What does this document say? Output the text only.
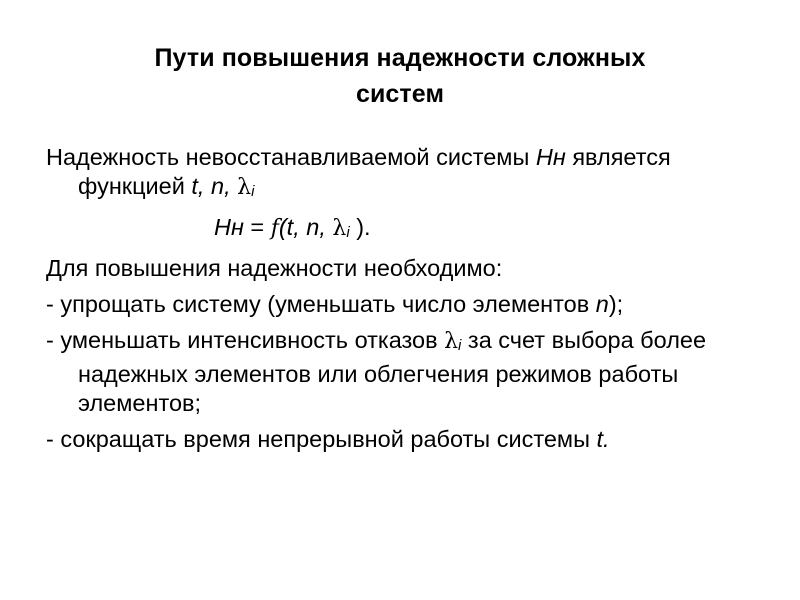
Пути повышения надежности сложных
систем
Надежность невосстанавливаемой системы Нн является функцией t, n, λi
Нн = f(t, n, λi ).
Для повышения надежности необходимо:
- упрощать систему (уменьшать число элементов n);
- уменьшать интенсивность отказов λi за счет выбора более надежных элементов или облегчения режимов работы элементов;
- сокращать время непрерывной работы системы t.
